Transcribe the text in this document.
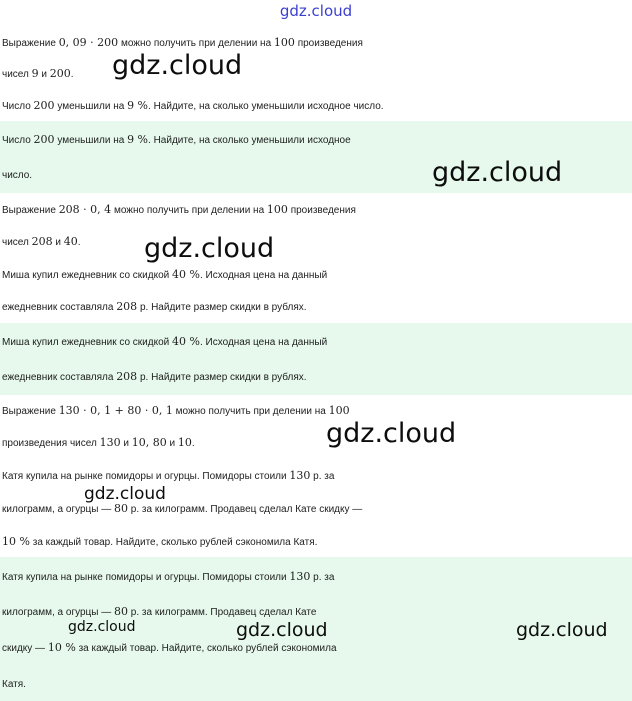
gdz.cloud
Выражение 0, 09 · 200 можно получить при делении на 100 произведения
чисел 9 и 200.
Число 200 уменьшили на 9 %. Найдите, на сколько уменьшили исходное число.
Число 200 уменьшили на 9 %. Найдите, на сколько уменьшили исходное
число.
Выражение 208 · 0, 4 можно получить при делении на 100 произведения
чисел 208 и 40.
Миша купил ежедневник со скидкой 40 %. Исходная цена на данный
ежедневник составляла 208 р. Найдите размер скидки в рублях.
Миша купил ежедневник со скидкой 40 %. Исходная цена на данный
ежедневник составляла 208 р. Найдите размер скидки в рублях.
Выражение 130 · 0, 1 + 80 · 0, 1 можно получить при делении на 100
произведения чисел 130 и 10, 80 и 10.
Катя купила на рынке помидоры и огурцы. Помидоры стоили 130 р. за
килограмм, а огурцы — 80 р. за килограмм. Продавец сделал Кате скидку —
10 % за каждый товар. Найдите, сколько рублей сэкономила Катя.
Катя купила на рынке помидоры и огурцы. Помидоры стоили 130 р. за
килограмм, а огурцы — 80 р. за килограмм. Продавец сделал Кате
скидку — 10 % за каждый товар. Найдите, сколько рублей сэкономила
Катя.
gdz.cloud
gdz.cloud
gdz.cloud
gdz.cloud
gdz.cloud
gdz.cloud	gdz.cloud	gdz.cloud
